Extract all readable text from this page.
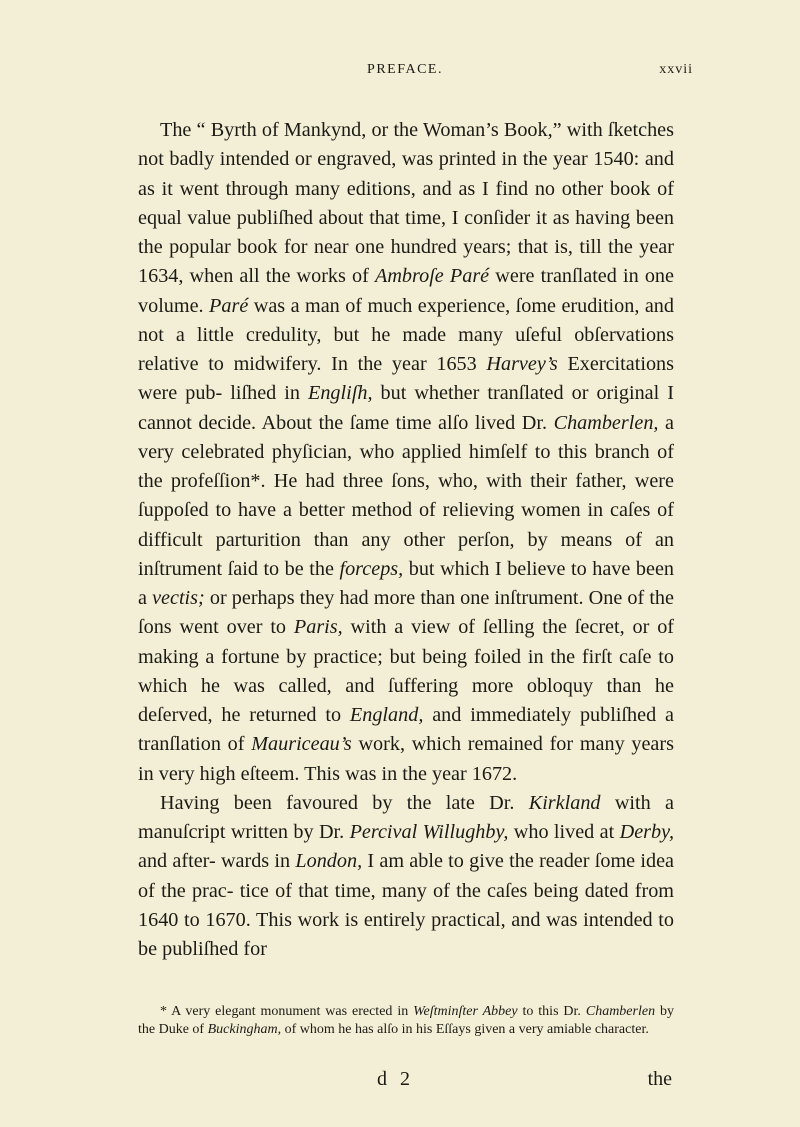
PREFACE.	xxvii

The “ Byrth of Mankynd, or the Woman’s Book,” with ſketches not badly intended or engraved, was printed in the year 1540: and as it went through many editions, and as I find no other book of equal value publiſhed about that time, I conſider it as having been the popular book for near one hundred years; that is, till the year 1634, when all the works of Ambroſe Paré were tranſlated in one volume. Paré was a man of much experience, ſome erudition, and not a little credulity, but he made many uſeful obſervations relative to midwifery. In the year 1653 Harvey’s Exercitations were pub- liſhed in Engliſh, but whether tranſlated or original I cannot decide. About the ſame time alſo lived Dr. Chamberlen, a very celebrated phyſician, who applied himſelf to this branch of the profeſſion*. He had three ſons, who, with their father, were ſuppoſed to have a better method of relieving women in caſes of difficult parturition than any other perſon, by means of an inſtrument ſaid to be the forceps, but which I believe to have been a vectis; or perhaps they had more than one inſtrument. One of the ſons went over to Paris, with a view of ſelling the ſecret, or of making a fortune by practice; but being foiled in the firſt caſe to which he was called, and ſuffering more obloquy than he deſerved, he returned to England, and immediately publiſhed a tranſlation of Mauriceau’s work, which remained for many years in very high eſteem. This was in the year 1672.

Having been favoured by the late Dr. Kirkland with a manuſcript written by Dr. Percival Willughby, who lived at Derby, and after- wards in London, I am able to give the reader ſome idea of the prac- tice of that time, many of the caſes being dated from 1640 to 1670. This work is entirely practical, and was intended to be publiſhed for

* A very elegant monument was erected in Weſtminſter Abbey to this Dr. Chamberlen by the Duke of Buckingham, of whom he has alſo in his Eſſays given a very amiable character.

d 2	the
